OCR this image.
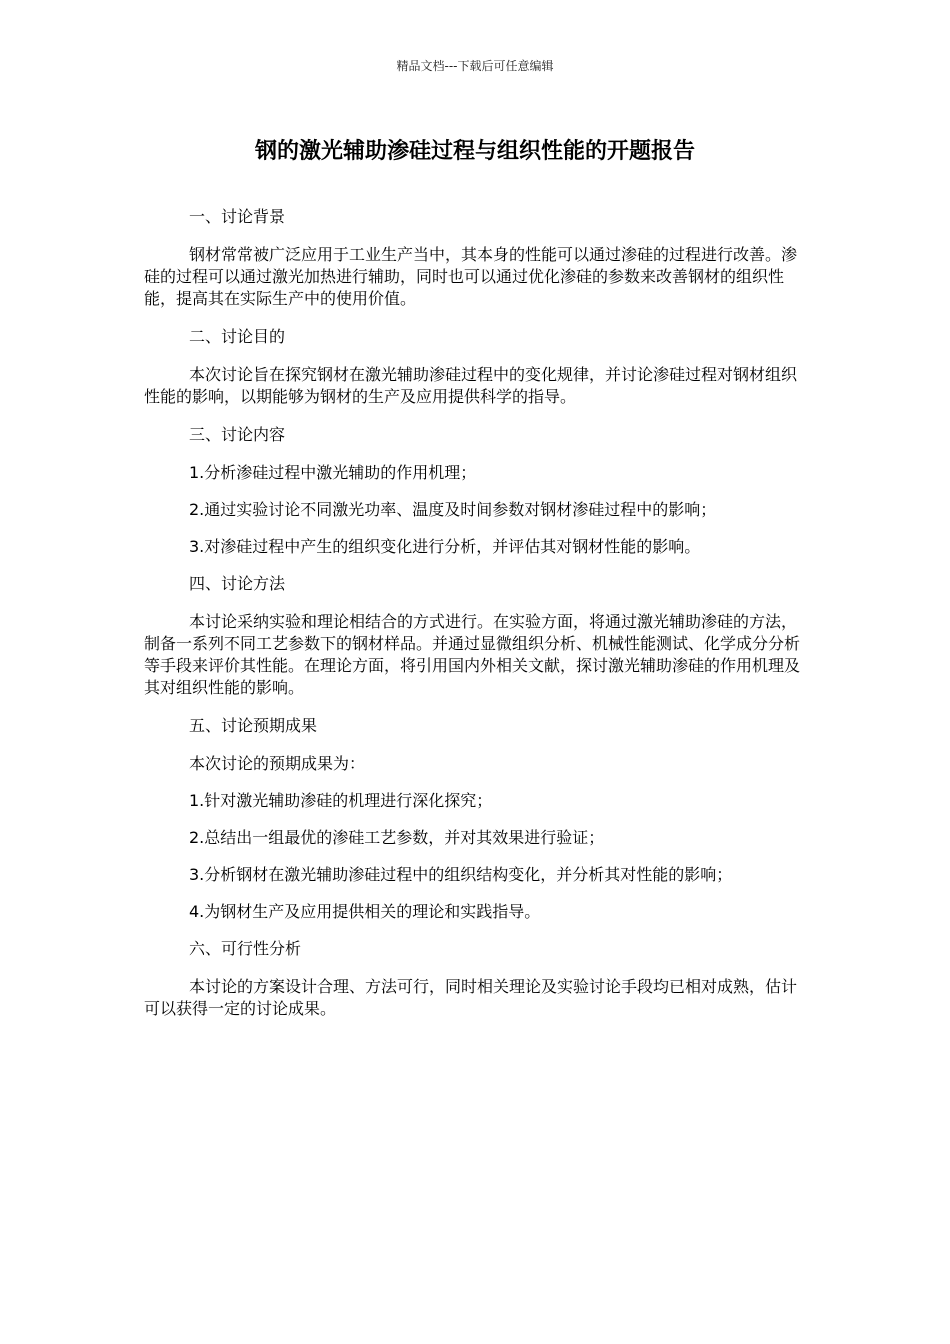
精品文档---下载后可任意编辑
钢的激光辅助渗硅过程与组织性能的开题报告

一、讨论背景

钢材常常被广泛应用于工业生产当中，其本身的性能可以通过渗硅的过程进行改善。渗硅的过程可以通过激光加热进行辅助，同时也可以通过优化渗硅的参数来改善钢材的组织性能，提高其在实际生产中的使用价值。

二、讨论目的

本次讨论旨在探究钢材在激光辅助渗硅过程中的变化规律，并讨论渗硅过程对钢材组织性能的影响，以期能够为钢材的生产及应用提供科学的指导。

三、讨论内容

1.分析渗硅过程中激光辅助的作用机理；

2.通过实验讨论不同激光功率、温度及时间参数对钢材渗硅过程中的影响；

3.对渗硅过程中产生的组织变化进行分析，并评估其对钢材性能的影响。

四、讨论方法

本讨论采纳实验和理论相结合的方式进行。在实验方面，将通过激光辅助渗硅的方法，制备一系列不同工艺参数下的钢材样品。并通过显微组织分析、机械性能测试、化学成分分析等手段来评价其性能。在理论方面，将引用国内外相关文献，探讨激光辅助渗硅的作用机理及其对组织性能的影响。

五、讨论预期成果

本次讨论的预期成果为：

1.针对激光辅助渗硅的机理进行深化探究；

2.总结出一组最优的渗硅工艺参数，并对其效果进行验证；

3.分析钢材在激光辅助渗硅过程中的组织结构变化，并分析其对性能的影响；

4.为钢材生产及应用提供相关的理论和实践指导。

六、可行性分析

本讨论的方案设计合理、方法可行，同时相关理论及实验讨论手段均已相对成熟，估计可以获得一定的讨论成果。
